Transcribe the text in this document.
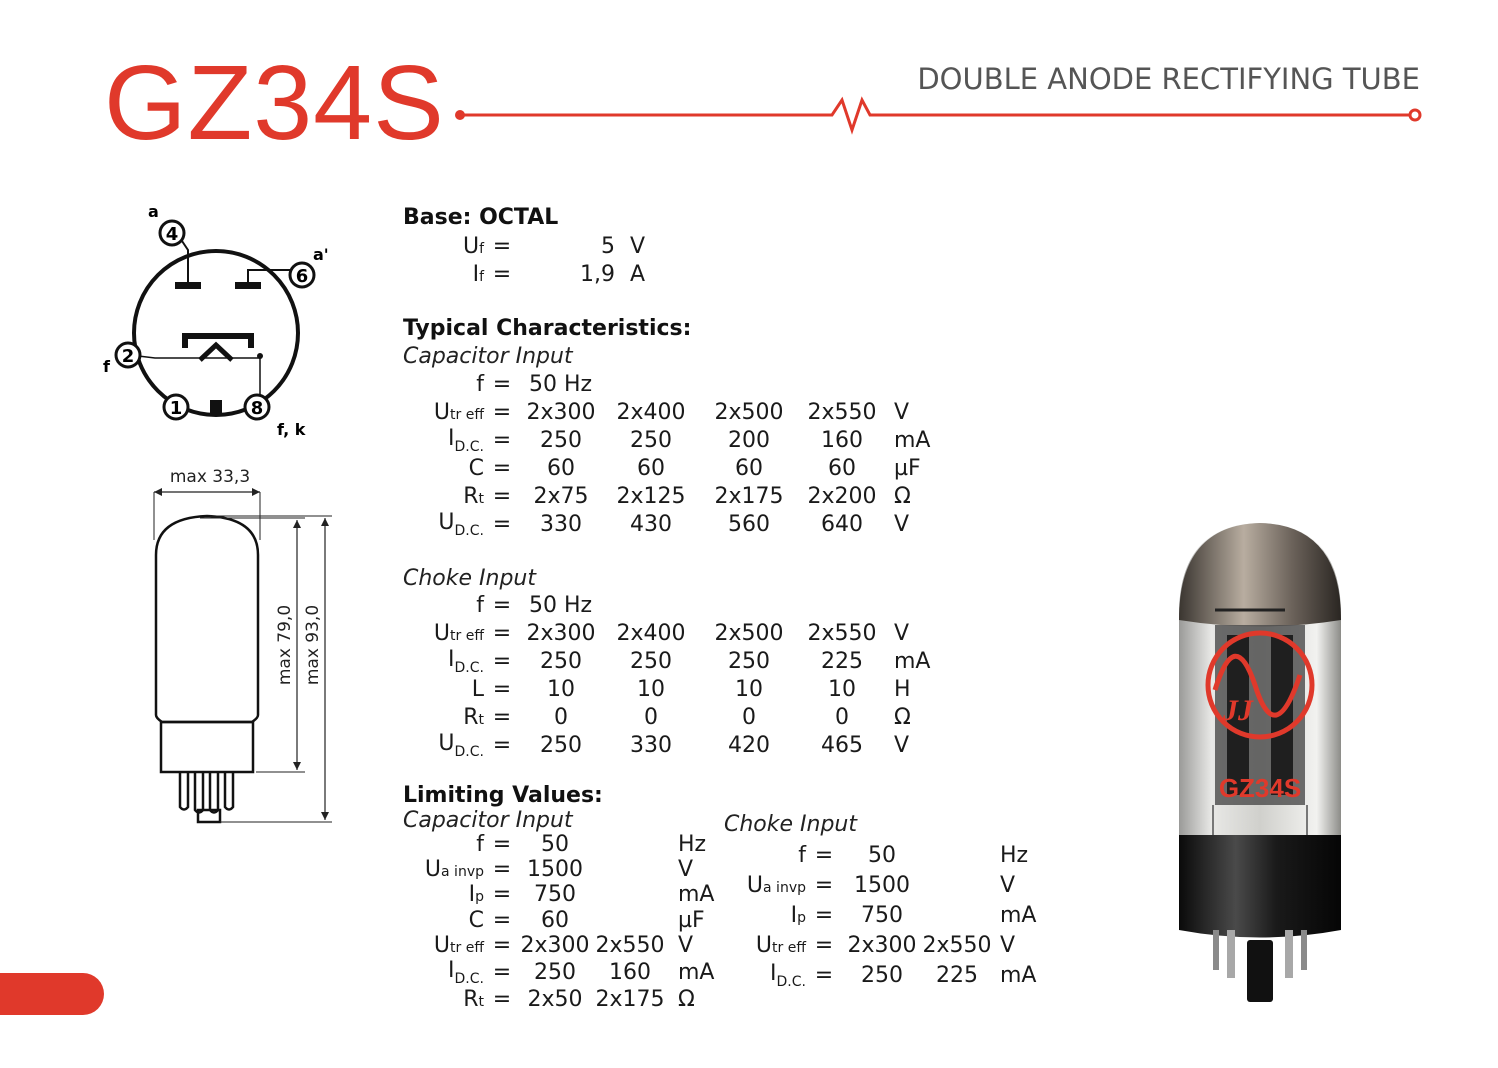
GZ34S	DOUBLE ANODE RECTIFYING TUBE
4
6
2
1	8
a
a'
f
f, k
max 33,3
max 79,0 max 93,0
Base: OCTAL
Uf	=	5	V
If	=	1,9	A
Typical Characteristics:
Capacitor Input
f	=	50 Hz				
Utr eff	=	2x300	2x400	2x500	2x550	V
$I_{D.C.}$	=	250	250	200	160	mA
C	=	60	60	60	60	µF
Rt	=	2x75	2x125	2x175	2x200	Ω
$U_{D.C.}$	=	330	430	560	640	V
Choke Input
f	=	50 Hz				
Utr eff	=	2x300	2x400	2x500	2x550	V
$I_{D.C.}$	=	250	250	250	225	mA
L	=	10	10	10	10	H
Rt	=	0	0	0	0	Ω
$U_{D.C.}$	=	250	330	420	465	V
Limiting Values:
Capacitor Input
f	=	50		Hz
Ua invp	=	1500		V
Ip	=	750		mA
C	=	60		µF
Utr eff	=	2x300	2x550	V
$I_{D.C.}$	=	250	160	mA
Rt	=	2x50	2x175	Ω
Choke Input
f	=	50		Hz
Ua invp	=	1500		V
Ip	=	750		mA
Utr eff	=	2x300	2x550	V
$I_{D.C.}$	=	250	225	mA
JJ
GZ34S
